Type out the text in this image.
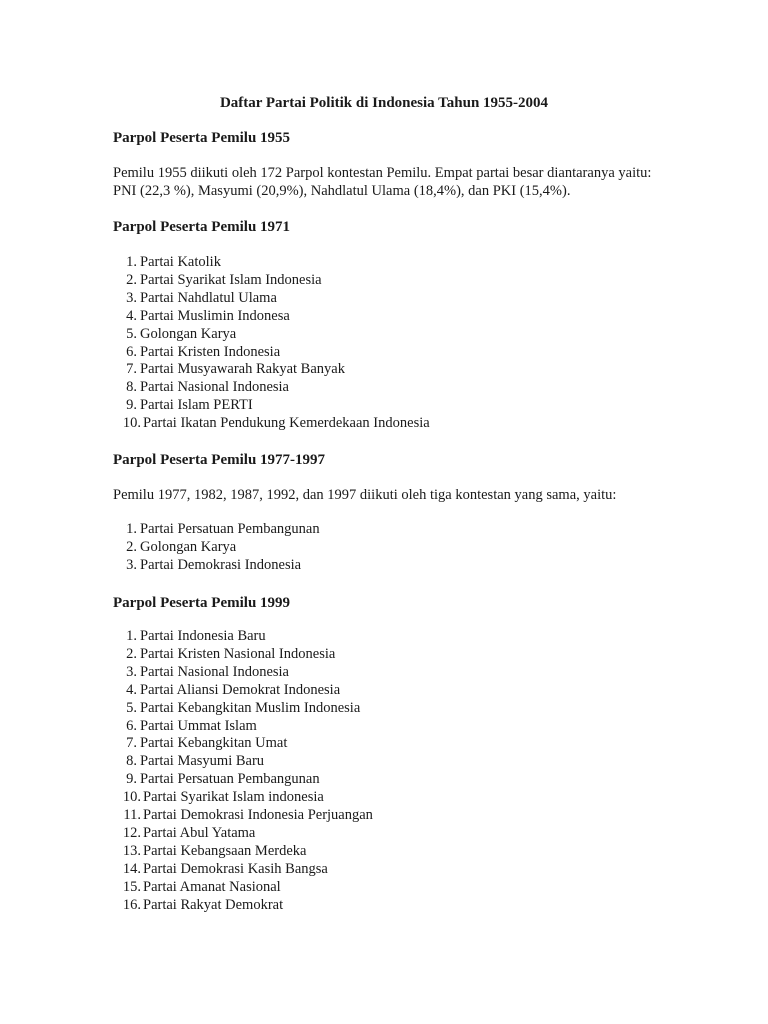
Daftar Partai Politik di Indonesia Tahun 1955-2004
Parpol Peserta Pemilu 1955

Pemilu 1955 diikuti oleh 172 Parpol kontestan Pemilu. Empat partai besar diantaranya yaitu: PNI (22,3 %), Masyumi (20,9%), Nahdlatul Ulama (18,4%), dan PKI (15,4%).

Parpol Peserta Pemilu 1971
1. Partai Katolik
2. Partai Syarikat Islam Indonesia
3. Partai Nahdlatul Ulama
4. Partai Muslimin Indonesa
5. Golongan Karya
6. Partai Kristen Indonesia
7. Partai Musyawarah Rakyat Banyak
8. Partai Nasional Indonesia
9. Partai Islam PERTI
10. Partai Ikatan Pendukung Kemerdekaan Indonesia
Parpol Peserta Pemilu 1977-1997

Pemilu 1977, 1982, 1987, 1992, dan 1997 diikuti oleh tiga kontestan yang sama, yaitu:

1. Partai Persatuan Pembangunan
2. Golongan Karya
3. Partai Demokrasi Indonesia
Parpol Peserta Pemilu 1999
1. Partai Indonesia Baru
2. Partai Kristen Nasional Indonesia
3. Partai Nasional Indonesia
4. Partai Aliansi Demokrat Indonesia
5. Partai Kebangkitan Muslim Indonesia
6. Partai Ummat Islam
7. Partai Kebangkitan Umat
8. Partai Masyumi Baru
9. Partai Persatuan Pembangunan
10. Partai Syarikat Islam indonesia
11. Partai Demokrasi Indonesia Perjuangan
12. Partai Abul Yatama
13. Partai Kebangsaan Merdeka
14. Partai Demokrasi Kasih Bangsa
15. Partai Amanat Nasional
16. Partai Rakyat Demokrat
